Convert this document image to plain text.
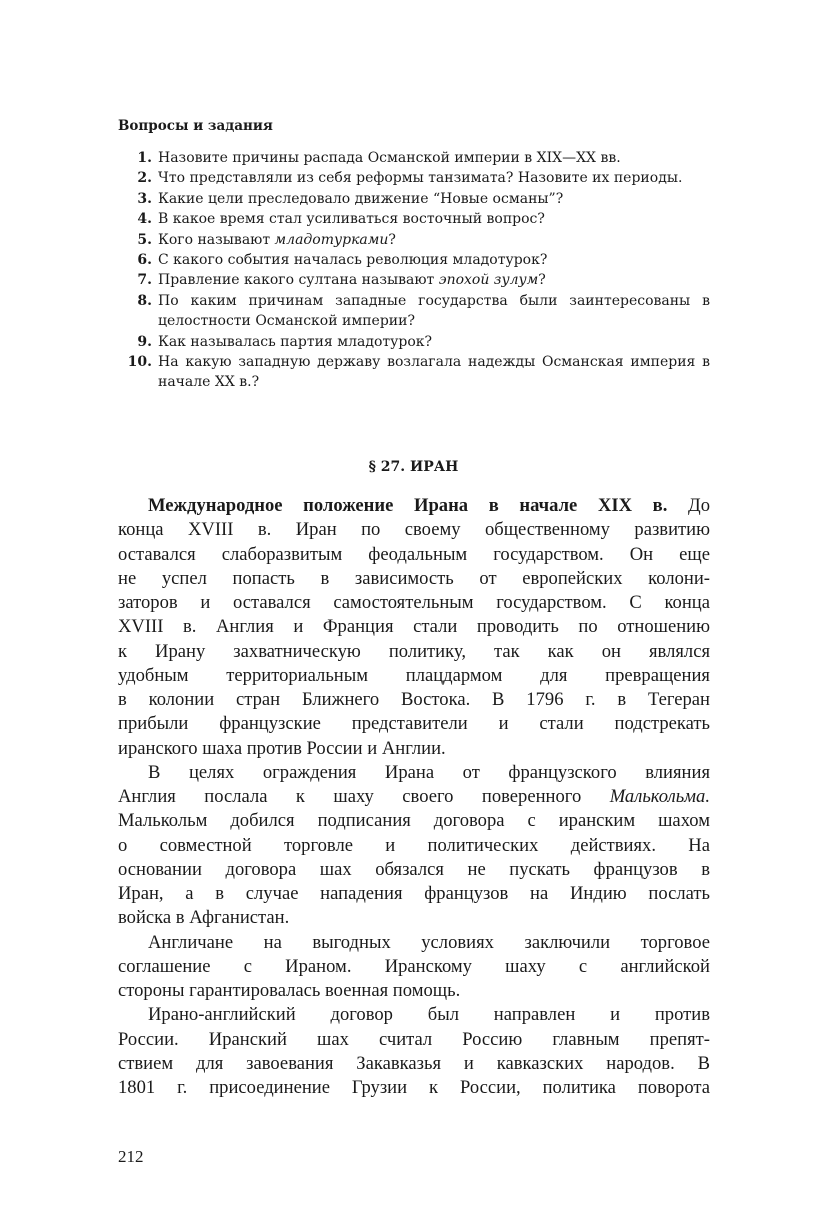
Вопросы и задания
1. Назовите причины распада Османской империи в XIX—XX вв.
2. Что представляли из себя реформы танзимата? Назовите их периоды.
3. Какие цели преследовало движение “Новые османы”?
4. В какое время стал усиливаться восточный вопрос?
5. Кого называют младотурками?
6. С какого события началась революция младотурок?
7. Правление какого султана называют эпохой зулум?
8. По каким причинам западные государства были заинтересованы в целостности Османской империи?
9. Как называлась партия младотурок?
10. На какую западную державу возлагала надежды Османская империя в начале XX в.?
§ 27. ИРАН
Международное положение Ирана в начале XIX в. До
конца XVIII в. Иран по своему общественному развитию
оставался слаборазвитым феодальным государством. Он еще
не успел попасть в зависимость от европейских колони-
заторов и оставался самостоятельным государством. С конца
XVIII в. Англия и Франция стали проводить по отношению
к Ирану захватническую политику, так как он являлся
удобным территориальным плацдармом для превращения
в колонии стран Ближнего Востока. В 1796 г. в Тегеран
прибыли французские представители и стали подстрекать
иранского шаха против России и Англии.
В целях ограждения Ирана от французского влияния
Англия послала к шаху своего поверенного Малькольма.
Малькольм добился подписания договора с иранским шахом
о совместной торговле и политических действиях. На
основании договора шах обязался не пускать французов в
Иран, а в случае нападения французов на Индию послать
войска в Афганистан.
Англичане на выгодных условиях заключили торговое
соглашение с Ираном. Иранскому шаху с английской
стороны гарантировалась военная помощь.
Ирано-английский договор был направлен и против
России. Иранский шах считал Россию главным препят-
ствием для завоевания Закавказья и кавказских народов. В
1801 г. присоединение Грузии к России, политика поворота
212
